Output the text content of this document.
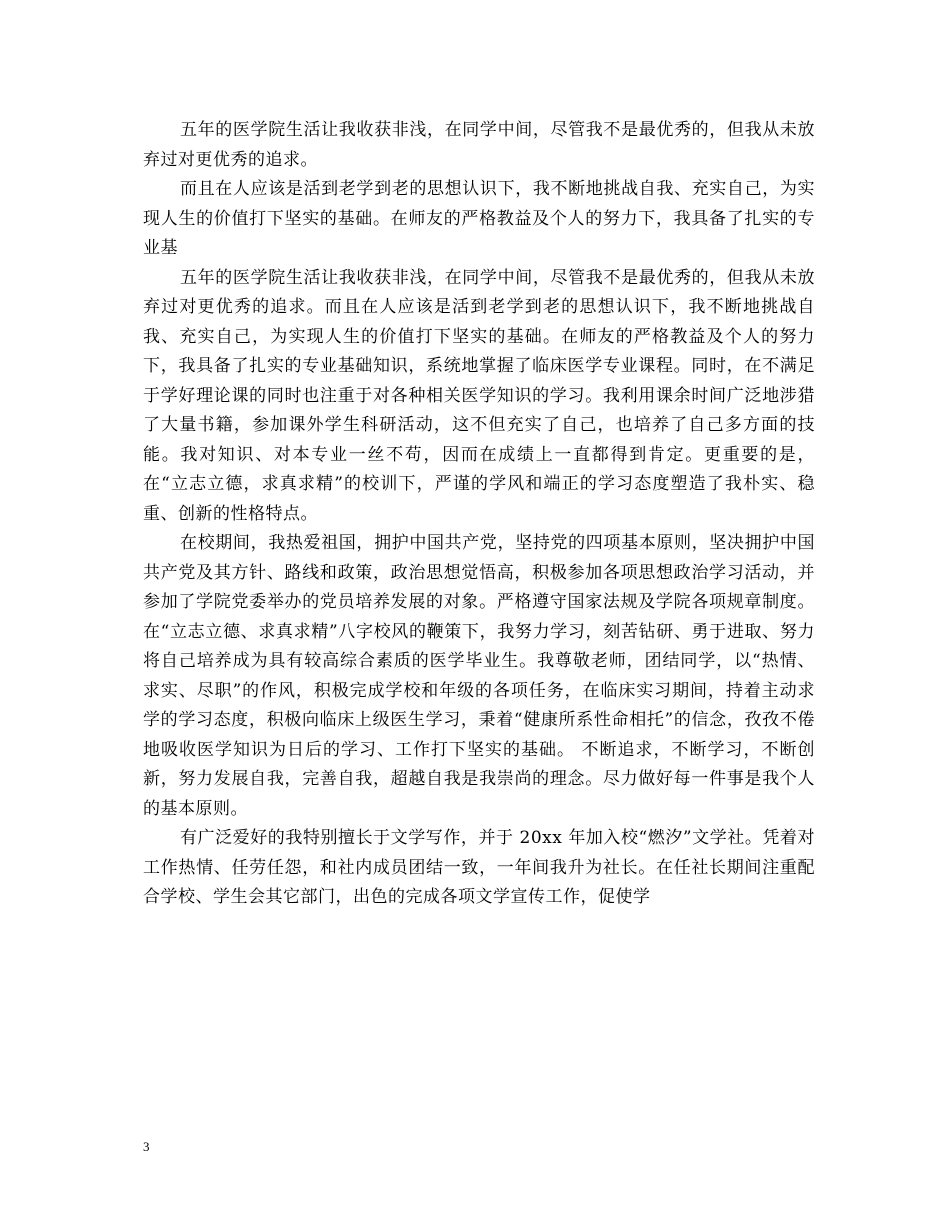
五年的医学院生活让我收获非浅，在同学中间，尽管我不是最优秀的，但我从未放弃过对更优秀的追求。

而且在人应该是活到老学到老的思想认识下，我不断地挑战自我、充实自己，为实现人生的价值打下坚实的基础。在师友的严格教益及个人的努力下，我具备了扎实的专业基

五年的医学院生活让我收获非浅，在同学中间，尽管我不是最优秀的，但我从未放弃过对更优秀的追求。而且在人应该是活到老学到老的思想认识下，我不断地挑战自我、充实自己，为实现人生的价值打下坚实的基础。在师友的严格教益及个人的努力下，我具备了扎实的专业基础知识，系统地掌握了临床医学专业课程。同时，在不满足于学好理论课的同时也注重于对各种相关医学知识的学习。我利用课余时间广泛地涉猎了大量书籍，参加课外学生科研活动，这不但充实了自己，也培养了自己多方面的技能。我对知识、对本专业一丝不苟，因而在成绩上一直都得到肯定。更重要的是，在“立志立德，求真求精”的校训下，严谨的学风和端正的学习态度塑造了我朴实、稳重、创新的性格特点。

在校期间，我热爱祖国，拥护中国共产党，坚持党的四项基本原则，坚决拥护中国共产党及其方针、路线和政策，政治思想觉悟高，积极参加各项思想政治学习活动，并参加了学院党委举办的党员培养发展的对象。严格遵守国家法规及学院各项规章制度。在“立志立德、求真求精”八字校风的鞭策下，我努力学习，刻苦钻研、勇于进取、努力将自己培养成为具有较高综合素质的医学毕业生。我尊敬老师，团结同学，以“热情、求实、尽职”的作风，积极完成学校和年级的各项任务，在临床实习期间，持着主动求学的学习态度，积极向临床上级医生学习，秉着“健康所系性命相托”的信念，孜孜不倦地吸收医学知识为日后的学习、工作打下坚实的基础。 不断追求，不断学习，不断创新，努力发展自我，完善自我，超越自我是我崇尚的理念。尽力做好每一件事是我个人的基本原则。

有广泛爱好的我特别擅长于文学写作，并于 20xx 年加入校“燃汐”文学社。凭着对工作热情、任劳任怨，和社内成员团结一致，一年间我升为社长。在任社长期间注重配合学校、学生会其它部门，出色的完成各项文学宣传工作，促使学

3
